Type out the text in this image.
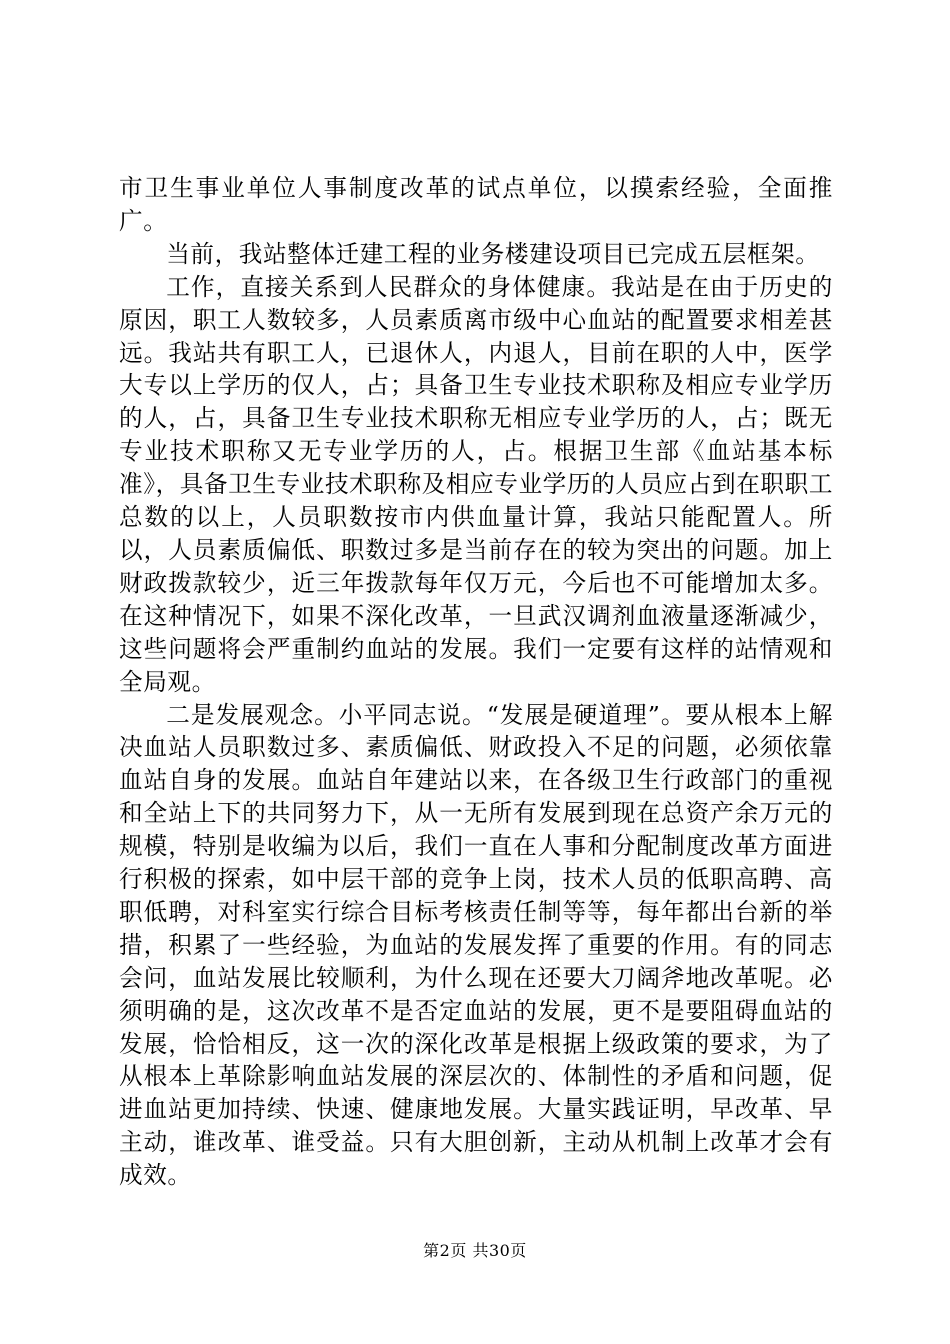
市卫生事业单位人事制度改革的试点单位，以摸索经验，全面推广。

当前，我站整体迁建工程的业务楼建设项目已完成五层框架。

工作，直接关系到人民群众的身体健康。我站是在由于历史的原因，职工人数较多，人员素质离市级中心血站的配置要求相差甚远。我站共有职工人，已退休人，内退人，目前在职的人中，医学大专以上学历的仅人，占；具备卫生专业技术职称及相应专业学历的人，占，具备卫生专业技术职称无相应专业学历的人，占；既无专业技术职称又无专业学历的人，占。根据卫生部《血站基本标准》，具备卫生专业技术职称及相应专业学历的人员应占到在职职工总数的以上，人员职数按市内供血量计算，我站只能配置人。所以，人员素质偏低、职数过多是当前存在的较为突出的问题。加上财政拨款较少，近三年拨款每年仅万元，今后也不可能增加太多。在这种情况下，如果不深化改革，一旦武汉调剂血液量逐渐减少，这些问题将会严重制约血站的发展。我们一定要有这样的站情观和全局观。

二是发展观念。小平同志说。“发展是硬道理”。要从根本上解决血站人员职数过多、素质偏低、财政投入不足的问题，必须依靠血站自身的发展。血站自年建站以来，在各级卫生行政部门的重视和全站上下的共同努力下，从一无所有发展到现在总资产余万元的规模，特别是收编为以后，我们一直在人事和分配制度改革方面进行积极的探索，如中层干部的竞争上岗，技术人员的低职高聘、高职低聘，对科室实行综合目标考核责任制等等，每年都出台新的举措，积累了一些经验，为血站的发展发挥了重要的作用。有的同志会问，血站发展比较顺利，为什么现在还要大刀阔斧地改革呢。必须明确的是，这次改革不是否定血站的发展，更不是要阻碍血站的发展，恰恰相反，这一次的深化改革是根据上级政策的要求，为了从根本上革除影响血站发展的深层次的、体制性的矛盾和问题，促进血站更加持续、快速、健康地发展。大量实践证明，早改革、早主动，谁改革、谁受益。只有大胆创新，主动从机制上改革才会有成效。

第2页 共30页
